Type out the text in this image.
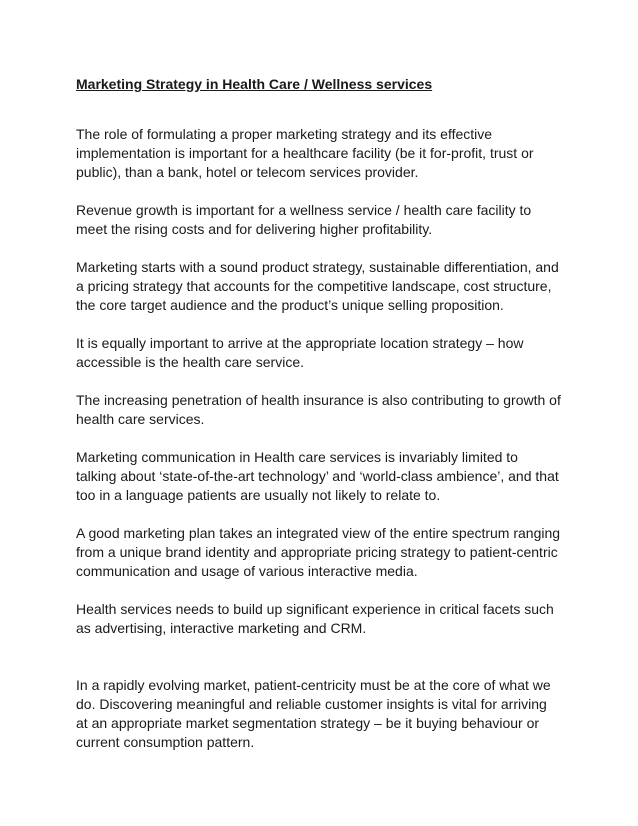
Marketing Strategy in Health Care / Wellness services

The role of formulating a proper marketing strategy and its effective implementation is important for a healthcare facility (be it for-profit, trust or public), than a bank, hotel or telecom services provider.

Revenue growth is important for a wellness service / health care facility to meet the rising costs and for delivering higher profitability.

Marketing starts with a sound product strategy, sustainable differentiation, and a pricing strategy that accounts for the competitive landscape, cost structure, the core target audience and the product’s unique selling proposition.

It is equally important to arrive at the appropriate location strategy – how accessible is the health care service.

The increasing penetration of health insurance is also contributing to growth of health care services.

Marketing communication in Health care services is invariably limited to talking about ‘state-of-the-art technology’ and ‘world-class ambience’, and that too in a language patients are usually not likely to relate to.

A good marketing plan takes an integrated view of the entire spectrum ranging from a unique brand identity and appropriate pricing strategy to patient-centric communication and usage of various interactive media.

Health services needs to build up significant experience in critical facets such as advertising, interactive marketing and CRM.

In a rapidly evolving market, patient-centricity must be at the core of what we do. Discovering meaningful and reliable customer insights is vital for arriving at an appropriate market segmentation strategy – be it buying behaviour or current consumption pattern.
